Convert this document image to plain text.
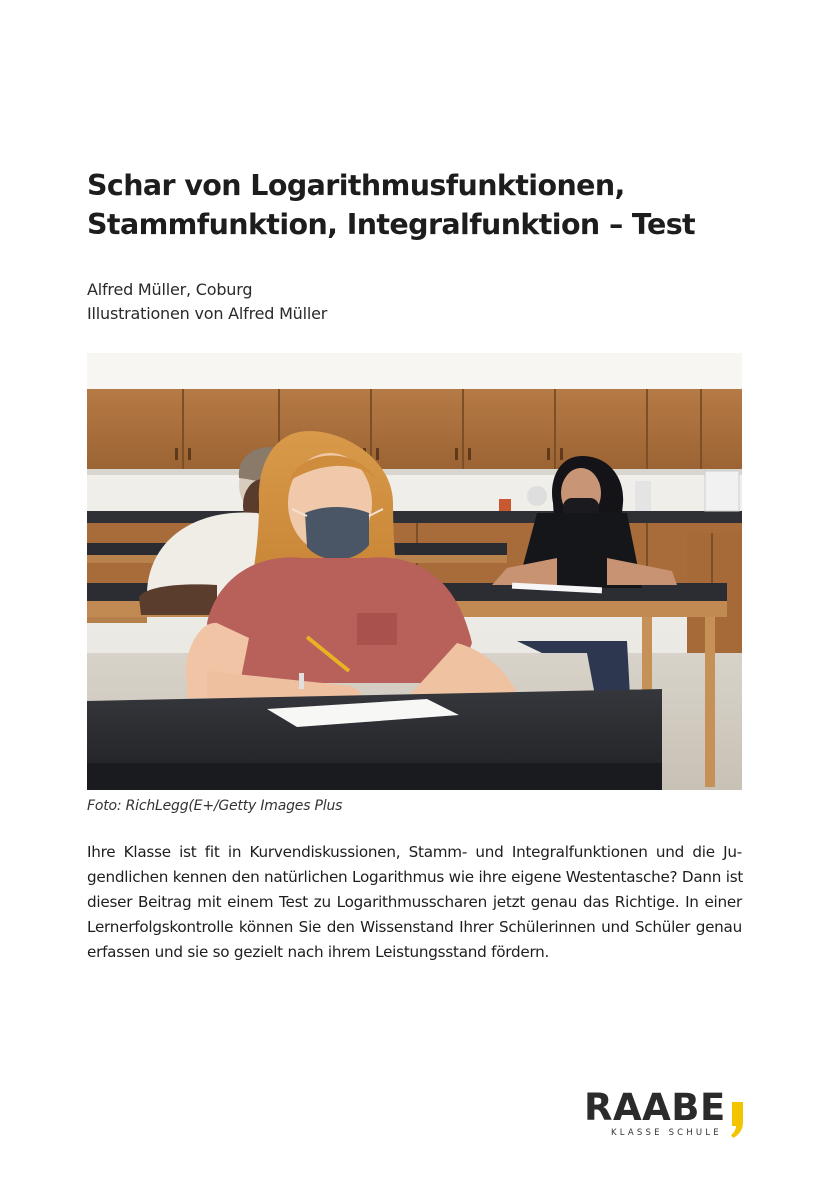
Schar von Logarithmusfunktionen,
Stammfunktion, Integralfunktion – Test
Alfred Müller, Coburg
Illustrationen von Alfred Müller
Foto: RichLegg(E+/Getty Images Plus

Ihre Klasse ist fit in Kurvendiskussionen, Stamm- und Integralfunktionen und die Ju-
gendlichen kennen den natürlichen Logarithmus wie ihre eigene Westentasche? Dann ist
dieser Beitrag mit einem Test zu Logarithmusscharen jetzt genau das Richtige. In einer
Lernerfolgskontrolle können Sie den Wissenstand Ihrer Schülerinnen und Schüler genau
erfassen und sie so gezielt nach ihrem Leistungsstand fördern.

RAABE
KLASSE SCHULE
